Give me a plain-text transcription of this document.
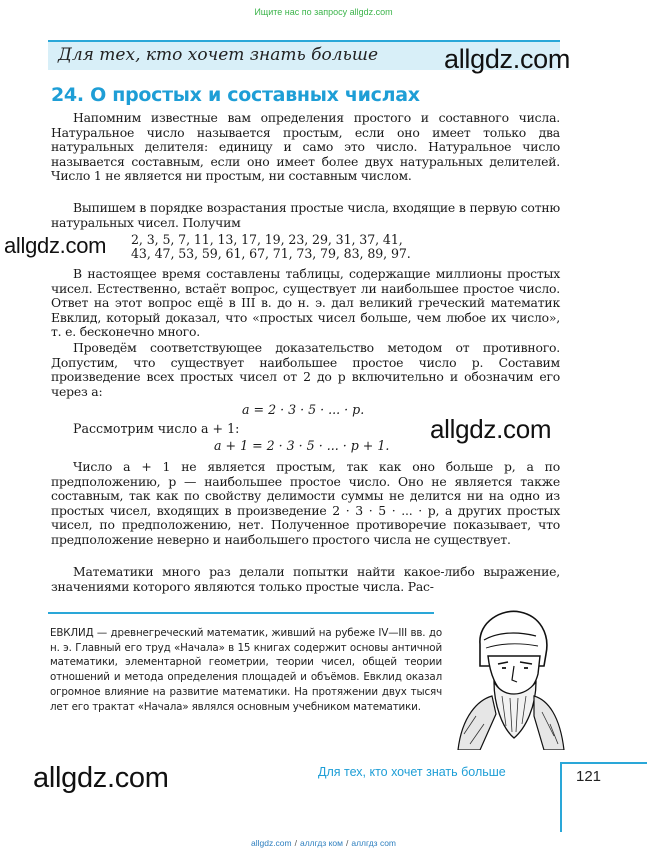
Ищите нас по запросу allgdz.com
Для тех, кто хочет знать больше allgdz.com
24. О простых и составных числах
Напомним известные вам определения простого и составного числа. Натуральное число называется простым, если оно имеет только два натуральных делителя: единицу и само это число. Натуральное число называется составным, если оно имеет более двух натуральных делителей. Число 1 не является ни простым, ни составным числом.
Выпишем в порядке возрастания простые числа, входящие в первую сотню натуральных чисел. Получим
allgdz.com 2, 3, 5, 7, 11, 13, 17, 19, 23, 29, 31, 37, 41,
43, 47, 53, 59, 61, 67, 71, 73, 79, 83, 89, 97.
В настоящее время составлены таблицы, содержащие миллионы простых чисел. Естественно, встаёт вопрос, существует ли наибольшее простое число. Ответ на этот вопрос ещё в III в. до н. э. дал великий греческий математик Евклид, который доказал, что «простых чисел больше, чем любое их число», т. е. бесконечно много.
Проведём соответствующее доказательство методом от противного. Допустим, что существует наибольшее простое число p. Составим произведение всех простых чисел от 2 до p включительно и обозначим его через a:
a = 2 · 3 · 5 · ... · p.
Рассмотрим число a + 1:
a + 1 = 2 · 3 · 5 · ... · p + 1.
allgdz.com
Число a + 1 не является простым, так как оно больше p, а по предположению, p — наибольшее простое число. Оно не является также составным, так как по свойству делимости суммы не делится ни на одно из простых чисел, входящих в произведение 2 · 3 · 5 · ... · p, а других простых чисел, по предположению, нет. Полученное противоречие показывает, что предположение неверно и наибольшего простого числа не существует.
Математики много раз делали попытки найти какое-либо выражение, значениями которого являются только простые числа. Рас-
ЕВКЛИД — древнегреческий математик, живший на рубеже IV—III вв. до н. э. Главный его труд «Начала» в 15 книгах содержит основы античной математики, элементарной геометрии, теории чисел, общей теории отношений и метода определения площадей и объёмов. Евклид оказал огромное влияние на развитие математики. На протяжении двух тысяч лет его трактат «Начала» являлся основным учебником математики.
allgdz.com	Для тех, кто хочет знать больше	121
allgdz.com / аллгдз ком / аллгдз com
